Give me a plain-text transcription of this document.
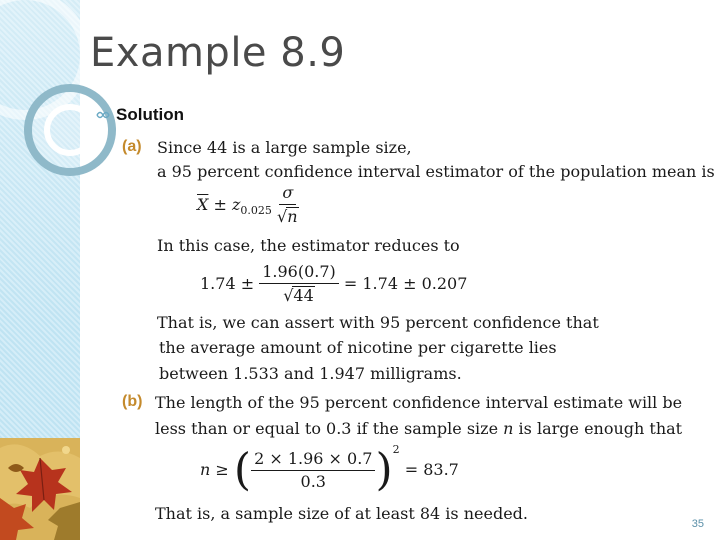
Example 8.9
Solution
(a) Since 44 is a large sample size,
a 95 percent confidence interval estimator of the population mean is
$\overline{X} \pm z_{0.025} \frac{\sigma}{√n}$
In this case, the estimator reduces to
$1.74 \pm \frac{1.96(0.7)}{√44} = 1.74 \pm 0.207$
That is, we can assert with 95 percent confidence that
the average amount of nicotine per cigarette lies
between 1.533 and 1.947 milligrams.
(b) The length of the 95 percent confidence interval estimate will be
less than or equal to 0.3 if the sample size n is large enough that
n ≥ ( $\frac{2 \times 1.96 \times 0.7}{0.3} )^2 = 83.7$
That is, a sample size of at least 84 is needed.
35
